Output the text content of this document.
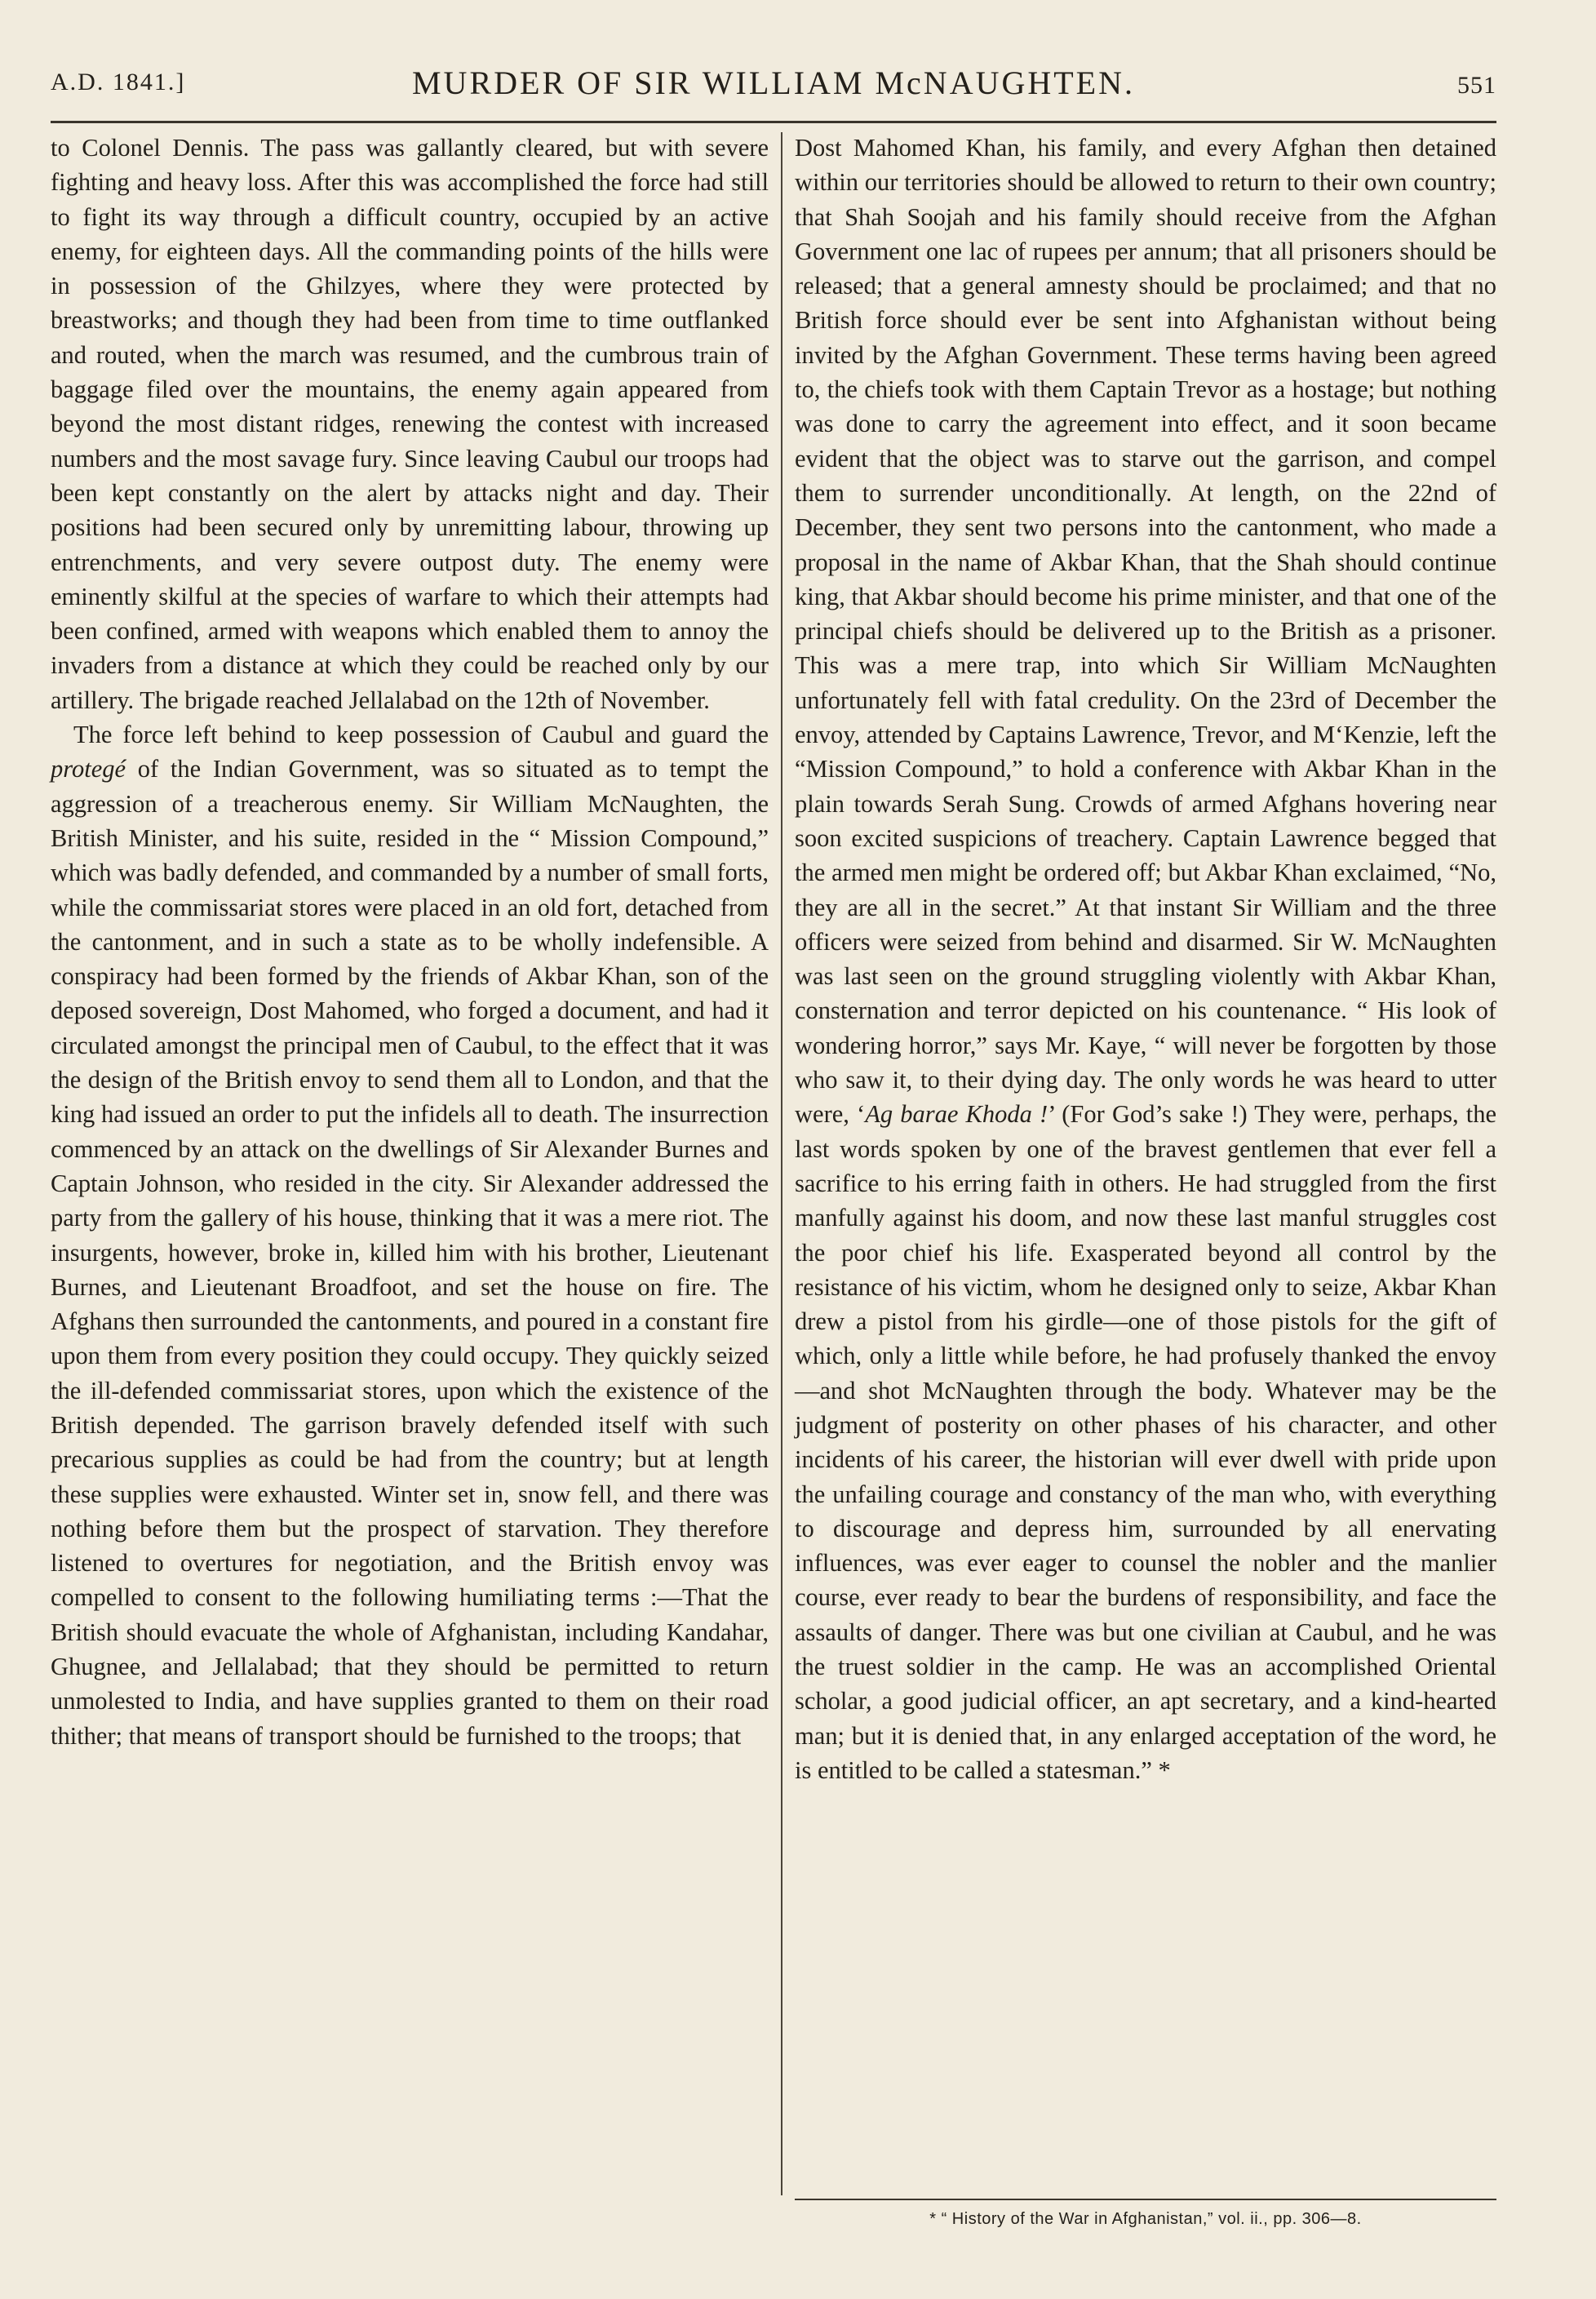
A.D. 1841.]	MURDER OF SIR WILLIAM McNAUGHTEN.	551

to Colonel Dennis. The pass was gallantly cleared, but with severe fighting and heavy loss. After this was accomplished the force had still to fight its way through a difficult country, occupied by an active enemy, for eighteen days. All the commanding points of the hills were in possession of the Ghilzyes, where they were protected by breastworks; and though they had been from time to time outflanked and routed, when the march was resumed, and the cumbrous train of baggage filed over the mountains, the enemy again appeared from beyond the most distant ridges, renewing the contest with increased numbers and the most savage fury. Since leaving Caubul our troops had been kept constantly on the alert by attacks night and day. Their positions had been secured only by unremitting labour, throwing up entrenchments, and very severe outpost duty. The enemy were eminently skilful at the species of warfare to which their attempts had been confined, armed with weapons which enabled them to annoy the invaders from a distance at which they could be reached only by our artillery. The brigade reached Jellalabad on the 12th of November.

The force left behind to keep possession of Caubul and guard the protegé of the Indian Government, was so situated as to tempt the aggression of a treacherous enemy. Sir William McNaughten, the British Minister, and his suite, resided in the “ Mission Compound,” which was badly defended, and commanded by a number of small forts, while the commissariat stores were placed in an old fort, detached from the cantonment, and in such a state as to be wholly indefensible. A conspiracy had been formed by the friends of Akbar Khan, son of the deposed sovereign, Dost Mahomed, who forged a document, and had it circulated amongst the principal men of Caubul, to the effect that it was the design of the British envoy to send them all to London, and that the king had issued an order to put the infidels all to death. The insurrection commenced by an attack on the dwellings of Sir Alexander Burnes and Captain Johnson, who resided in the city. Sir Alexander addressed the party from the gallery of his house, thinking that it was a mere riot. The insurgents, however, broke in, killed him with his brother, Lieutenant Burnes, and Lieutenant Broadfoot, and set the house on fire. The Afghans then surrounded the cantonments, and poured in a constant fire upon them from every position they could occupy. They quickly seized the ill-defended commissariat stores, upon which the existence of the British depended. The garrison bravely defended itself with such precarious supplies as could be had from the country; but at length these supplies were exhausted. Winter set in, snow fell, and there was nothing before them but the prospect of starvation. They therefore listened to overtures for negotiation, and the British envoy was compelled to consent to the following humiliating terms :—That the British should evacuate the whole of Afghanistan, including Kandahar, Ghugnee, and Jellalabad; that they should be permitted to return unmolested to India, and have supplies granted to them on their road thither; that means of transport should be furnished to the troops; that

Dost Mahomed Khan, his family, and every Afghan then detained within our territories should be allowed to return to their own country; that Shah Soojah and his family should receive from the Afghan Government one lac of rupees per annum; that all prisoners should be released; that a general amnesty should be proclaimed; and that no British force should ever be sent into Afghanistan without being invited by the Afghan Government. These terms having been agreed to, the chiefs took with them Captain Trevor as a hostage; but nothing was done to carry the agreement into effect, and it soon became evident that the object was to starve out the garrison, and compel them to surrender unconditionally. At length, on the 22nd of December, they sent two persons into the cantonment, who made a proposal in the name of Akbar Khan, that the Shah should continue king, that Akbar should become his prime minister, and that one of the principal chiefs should be delivered up to the British as a prisoner. This was a mere trap, into which Sir William McNaughten unfortunately fell with fatal credulity. On the 23rd of December the envoy, attended by Captains Lawrence, Trevor, and M‘Kenzie, left the “Mission Compound,” to hold a conference with Akbar Khan in the plain towards Serah Sung. Crowds of armed Afghans hovering near soon excited suspicions of treachery. Captain Lawrence begged that the armed men might be ordered off; but Akbar Khan exclaimed, “No, they are all in the secret.” At that instant Sir William and the three officers were seized from behind and disarmed. Sir W. McNaughten was last seen on the ground struggling violently with Akbar Khan, consternation and terror depicted on his countenance. “ His look of wondering horror,” says Mr. Kaye, “ will never be forgotten by those who saw it, to their dying day. The only words he was heard to utter were, ‘Ag barae Khoda !’ (For God’s sake !) They were, perhaps, the last words spoken by one of the bravest gentlemen that ever fell a sacrifice to his erring faith in others. He had struggled from the first manfully against his doom, and now these last manful struggles cost the poor chief his life. Exasperated beyond all control by the resistance of his victim, whom he designed only to seize, Akbar Khan drew a pistol from his girdle—one of those pistols for the gift of which, only a little while before, he had profusely thanked the envoy—and shot McNaughten through the body. Whatever may be the judgment of posterity on other phases of his character, and other incidents of his career, the historian will ever dwell with pride upon the unfailing courage and constancy of the man who, with everything to discourage and depress him, surrounded by all enervating influences, was ever eager to counsel the nobler and the manlier course, ever ready to bear the burdens of responsibility, and face the assaults of danger. There was but one civilian at Caubul, and he was the truest soldier in the camp. He was an accomplished Oriental scholar, a good judicial officer, an apt secretary, and a kind-hearted man; but it is denied that, in any enlarged acceptation of the word, he is entitled to be called a statesman.” *

* “ History of the War in Afghanistan,” vol. ii., pp. 306—8.
